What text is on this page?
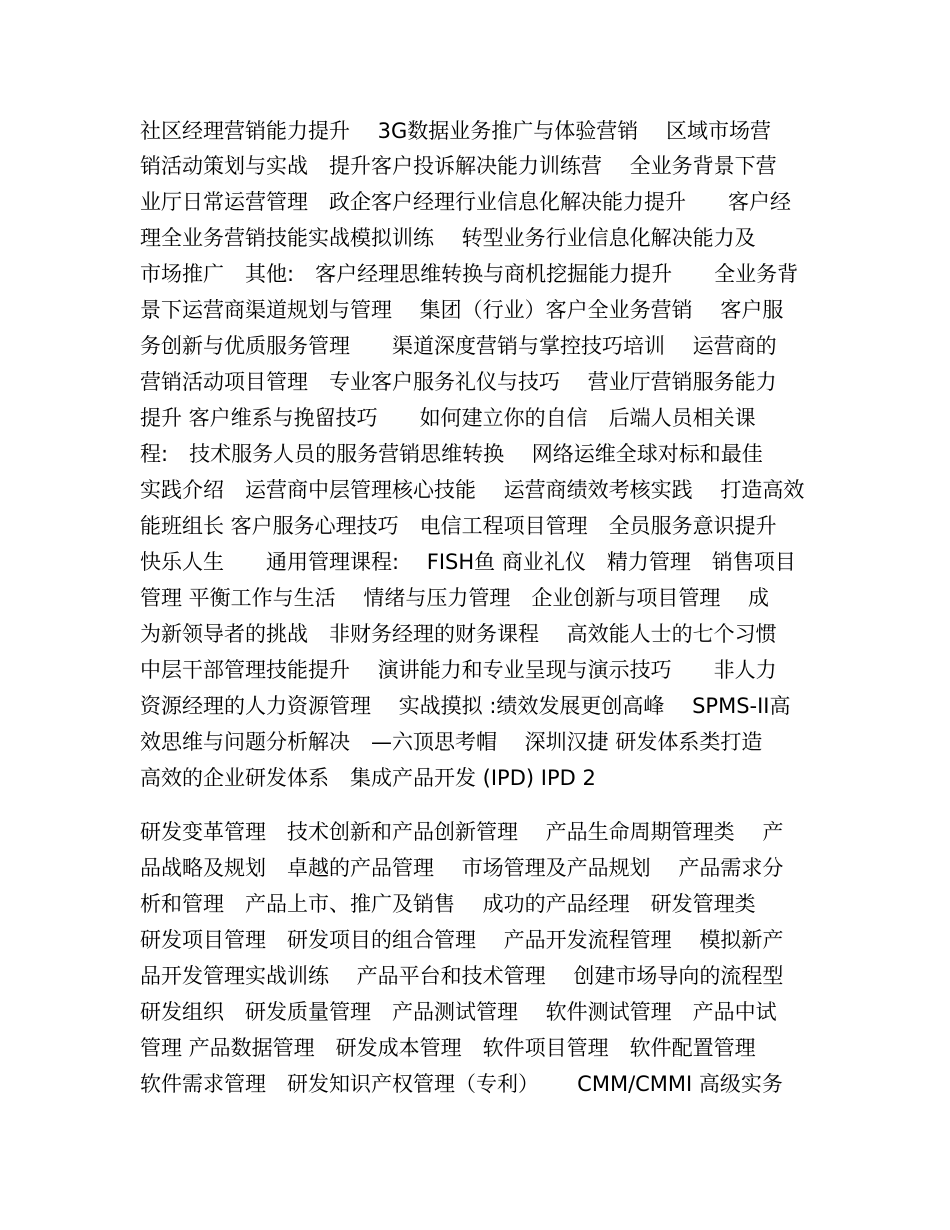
社区经理营销能力提升　 3G数据业务推广与体验营销　 区域市场营

销活动策划与实战　提升客户投诉解决能力训练营　 全业务背景下营

业厅日常运营管理　政企客户经理行业信息化解决能力提升　　客户经

理全业务营销技能实战模拟训练　 转型业务行业信息化解决能力及

市场推广　其他:　客户经理思维转换与商机挖掘能力提升　　全业务背

景下运营商渠道规划与管理　 集团（行业）客户全业务营销　 客户服

务创新与优质服务管理　　渠道深度营销与掌控技巧培训　 运营商的

营销活动项目管理　专业客户服务礼仪与技巧　 营业厅营销服务能力

提升 客户维系与挽留技巧　　如何建立你的自信　后端人员相关课

程:　技术服务人员的服务营销思维转换　 网络运维全球对标和最佳

实践介绍　运营商中层管理核心技能　 运营商绩效考核实践　 打造高效

能班组长 客户服务心理技巧　电信工程项目管理　全员服务意识提升

快乐人生　　通用管理课程:　 FISH鱼 商业礼仪　精力管理　销售项目

管理 平衡工作与生活　 情绪与压力管理　企业创新与项目管理　 成

为新领导者的挑战　非财务经理的财务课程　 高效能人士的七个习惯

中层干部管理技能提升　 演讲能力和专业呈现与演示技巧　　非人力

资源经理的人力资源管理　 实战摸拟 :绩效发展更创高峰　 SPMS-II高

效思维与问题分析解决　—六顶思考帽　 深圳汉捷 研发体系类打造

高效的企业研发体系　集成产品开发 (IPD) IPD 2

研发变革管理　技术创新和产品创新管理　 产品生命周期管理类　 产

品战略及规划　卓越的产品管理　 市场管理及产品规划　 产品需求分

析和管理　产品上市、推广及销售　 成功的产品经理　研发管理类

研发项目管理　研发项目的组合管理　 产品开发流程管理　 模拟新产

品开发管理实战训练　 产品平台和技术管理　 创建市场导向的流程型

研发组织　研发质量管理　产品测试管理　 软件测试管理　产品中试

管理 产品数据管理　研发成本管理　软件项目管理　软件配置管理

软件需求管理　研发知识产权管理（专利）　　 CMM/CMMI 高级实务
